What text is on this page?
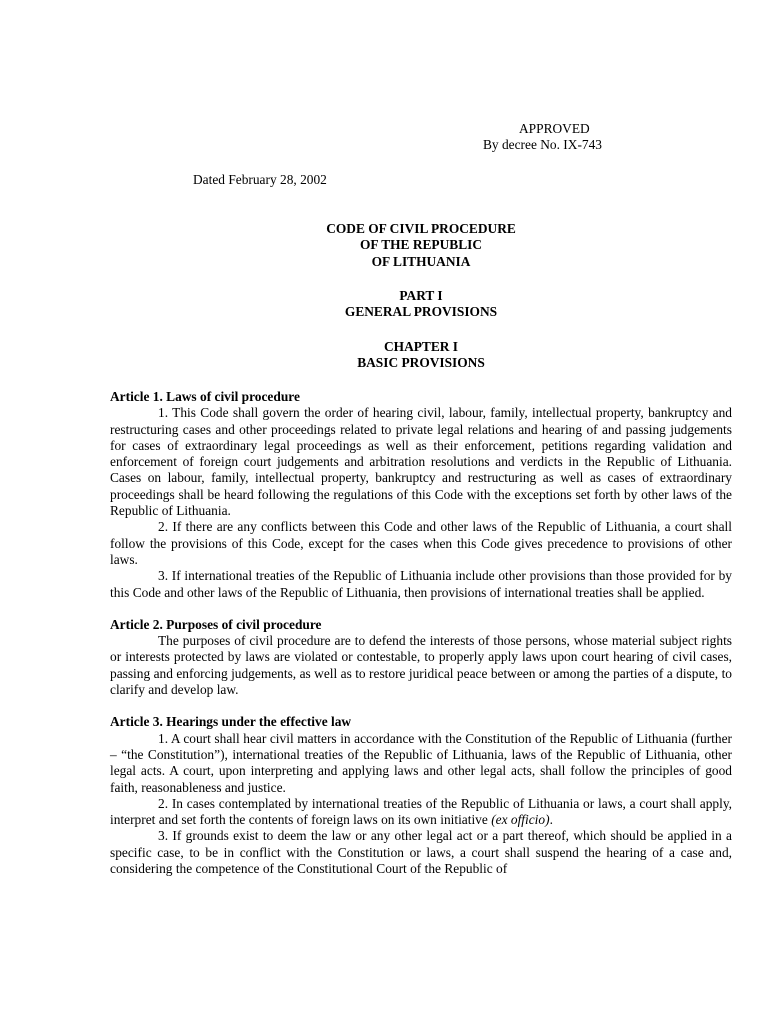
APPROVED
By decree No. IX-743
Dated February 28, 2002
CODE OF CIVIL PROCEDURE
OF THE REPUBLIC
OF LITHUANIA
PART I
GENERAL PROVISIONS
CHAPTER I
BASIC PROVISIONS

Article 1. Laws of civil procedure

1. This Code shall govern the order of hearing civil, labour, family, intellectual property, bankruptcy and restructuring cases and other proceedings related to private legal relations and hearing of and passing judgements for cases of extraordinary legal proceedings as well as their enforcement, petitions regarding validation and enforcement of foreign court judgements and arbitration resolutions and verdicts in the Republic of Lithuania. Cases on labour, family, intellectual property, bankruptcy and restructuring as well as cases of extraordinary proceedings shall be heard following the regulations of this Code with the exceptions set forth by other laws of the Republic of Lithuania.

2. If there are any conflicts between this Code and other laws of the Republic of Lithuania, a court shall follow the provisions of this Code, except for the cases when this Code gives precedence to provisions of other laws.

3. If international treaties of the Republic of Lithuania include other provisions than those provided for by this Code and other laws of the Republic of Lithuania, then provisions of international treaties shall be applied.

Article 2. Purposes of civil procedure

The purposes of civil procedure are to defend the interests of those persons, whose material subject rights or interests protected by laws are violated or contestable, to properly apply laws upon court hearing of civil cases, passing and enforcing judgements, as well as to restore juridical peace between or among the parties of a dispute, to clarify and develop law.

Article 3. Hearings under the effective law

1. A court shall hear civil matters in accordance with the Constitution of the Republic of Lithuania (further – “the Constitution”), international treaties of the Republic of Lithuania, laws of the Republic of Lithuania, other legal acts. A court, upon interpreting and applying laws and other legal acts, shall follow the principles of good faith, reasonableness and justice.

2. In cases contemplated by international treaties of the Republic of Lithuania or laws, a court shall apply, interpret and set forth the contents of foreign laws on its own initiative (ex officio).

3. If grounds exist to deem the law or any other legal act or a part thereof, which should be applied in a specific case, to be in conflict with the Constitution or laws, a court shall suspend the hearing of a case and, considering the competence of the Constitutional Court of the Republic of
